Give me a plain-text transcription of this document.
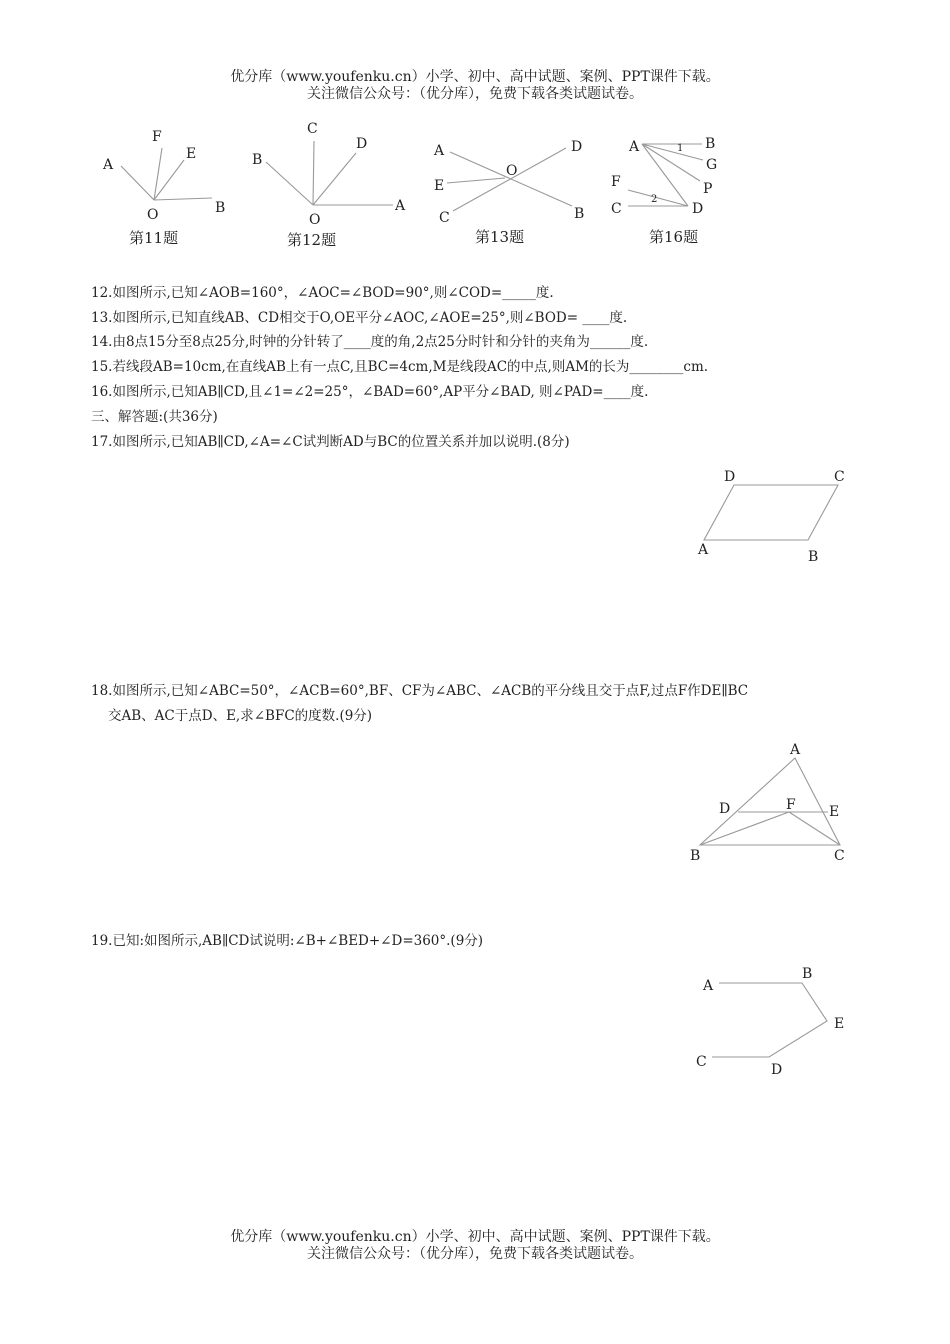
优分库（www.youfenku.cn）小学、初中、高中试题、案例、PPT课件下载。
关注微信公众号：（优分库），免费下载各类试题试卷。
F
E
A
O	B
第11题
C
D
B
O
A
第12题
A	D
O
E
C	B
第13题
A	1 B
G
F	P
2
C	D
第16题
12.如图所示,已知∠AOB=160°，∠AOC=∠BOD=90°,则∠COD=_____度.
13.如图所示,已知直线AB、CD相交于O,OE平分∠AOC,∠AOE=25°,则∠BOD= ____度.
14.由8点15分至8点25分,时钟的分针转了____度的角,2点25分时针和分针的夹角为______度.
15.若线段AB=10cm,在直线AB上有一点C,且BC=4cm,M是线段AC的中点,则AM的长为________cm.
16.如图所示,已知AB∥CD,且∠1=∠2=25°，∠BAD=60°,AP平分∠BAD, 则∠PAD=____度.
三、解答题:(共36分)
17.如图所示,已知AB∥CD,∠A=∠C试判断AD与BC的位置关系并加以说明.(8分)
D	C
A	B
18.如图所示,已知∠ABC=50°，∠ACB=60°,BF、CF为∠ABC、∠ACB的平分线且交于点F,过点F作DE∥BC
交AB、AC于点D、E,求∠BFC的度数.(9分)
A
D	F E
B	C
19.已知:如图所示,AB∥CD试说明:∠B+∠BED+∠D=360°.(9分)
A
B
E
C	D
优分库（www.youfenku.cn）小学、初中、高中试题、案例、PPT课件下载。
关注微信公众号：（优分库），免费下载各类试题试卷。
